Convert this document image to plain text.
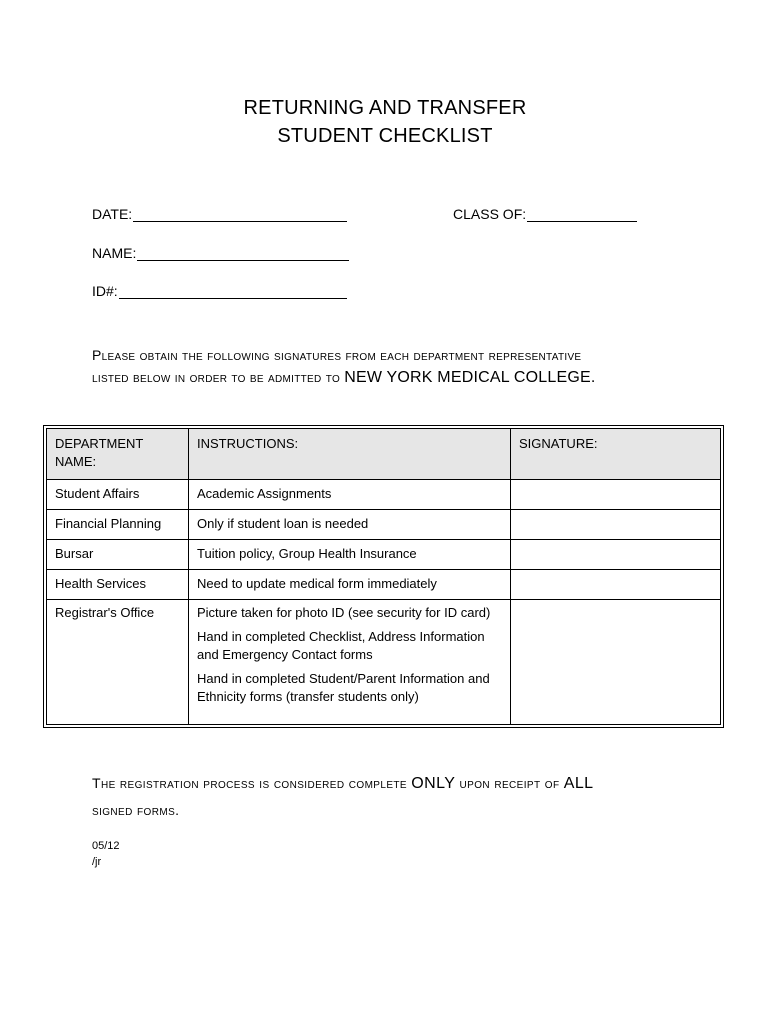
RETURNING AND TRANSFER
STUDENT CHECKLIST
DATE:	CLASS OF:
NAME:
ID#:
Please obtain the following signatures from each department representative
listed below in order to be admitted to NEW YORK MEDICAL COLLEGE.
DEPARTMENT NAME:	INSTRUCTIONS:	SIGNATURE:
Student Affairs	Academic Assignments	
Financial Planning	Only if student loan is needed	
Bursar	Tuition policy, Group Health Insurance	
Health Services	Need to update medical form immediately	
Registrar's Office	Picture taken for photo ID (see security for ID card)
Hand in completed Checklist, Address Information and Emergency Contact forms
Hand in completed Student/Parent Information and Ethnicity forms (transfer students only)	

The registration process is considered complete ONLY upon receipt of ALL
signed forms.
05/12
/jr
